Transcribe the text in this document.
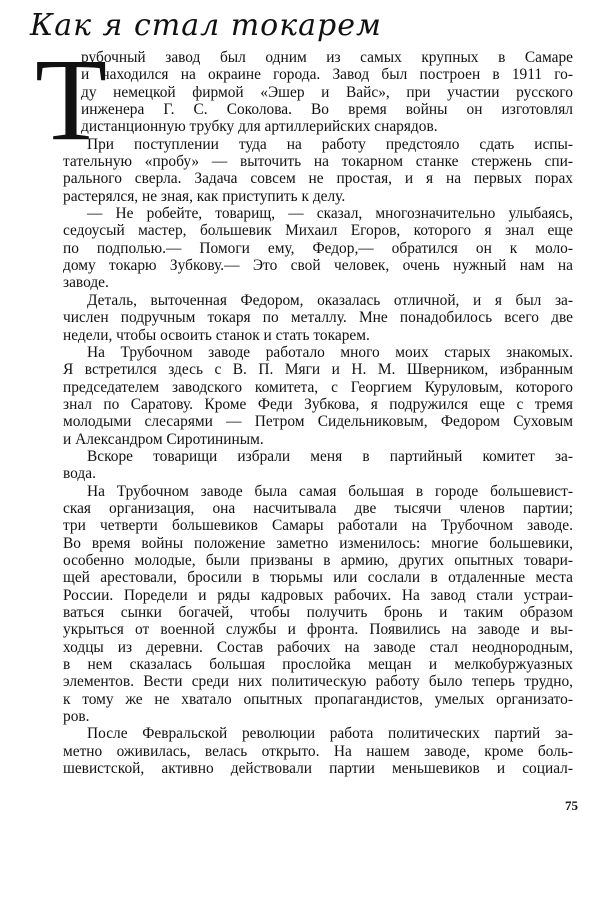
Как я стал токарем
Т
рубочный завод был одним из самых крупных в Самаре
и находился на окраине города. Завод был построен в 1911 го-
ду немецкой фирмой «Эшер и Вайс», при участии русского
инженера Г. С. Соколова. Во время войны он изготовлял
дистанционную трубку для артиллерийских снарядов.
При поступлении туда на работу предстояло сдать испы-
тательную «пробу» — выточить на токарном станке стержень спи-
рального сверла. Задача совсем не простая, и я на первых порах
растерялся, не зная, как приступить к делу.
— Не робейте, товарищ, — сказал, многозначительно улыбаясь,
седоусый мастер, большевик Михаил Егоров, которого я знал еще
по подполью.— Помоги ему, Федор,— обратился он к моло-
дому токарю Зубкову.— Это свой человек, очень нужный нам на
заводе.
Деталь, выточенная Федором, оказалась отличной, и я был за-
числен подручным токаря по металлу. Мне понадобилось всего две
недели, чтобы освоить станок и стать токарем.
На Трубочном заводе работало много моих старых знакомых.
Я встретился здесь с В. П. Мяги и Н. М. Шверником, избранным
председателем заводского комитета, с Георгием Куруловым, которого
знал по Саратову. Кроме Феди Зубкова, я подружился еще с тремя
молодыми слесарями — Петром Сидельниковым, Федором Суховым
и Александром Сиротининым.
Вскоре товарищи избрали меня в партийный комитет за-
вода.
На Трубочном заводе была самая большая в городе большевист-
ская организация, она насчитывала две тысячи членов партии;
три четверти большевиков Самары работали на Трубочном заводе.
Во время войны положение заметно изменилось: многие большевики,
особенно молодые, были призваны в армию, других опытных товари-
щей арестовали, бросили в тюрьмы или сослали в отдаленные места
России. Поредели и ряды кадровых рабочих. На завод стали устраи-
ваться сынки богачей, чтобы получить бронь и таким образом
укрыться от военной службы и фронта. Появились на заводе и вы-
ходцы из деревни. Состав рабочих на заводе стал неоднородным,
в нем сказалась большая прослойка мещан и мелкобуржуазных
элементов. Вести среди них политическую работу было теперь трудно,
к тому же не хватало опытных пропагандистов, умелых организато-
ров.
После Февральской революции работа политических партий за-
метно оживилась, велась открыто. На нашем заводе, кроме боль-
шевистской, активно действовали партии меньшевиков и социал-
75
